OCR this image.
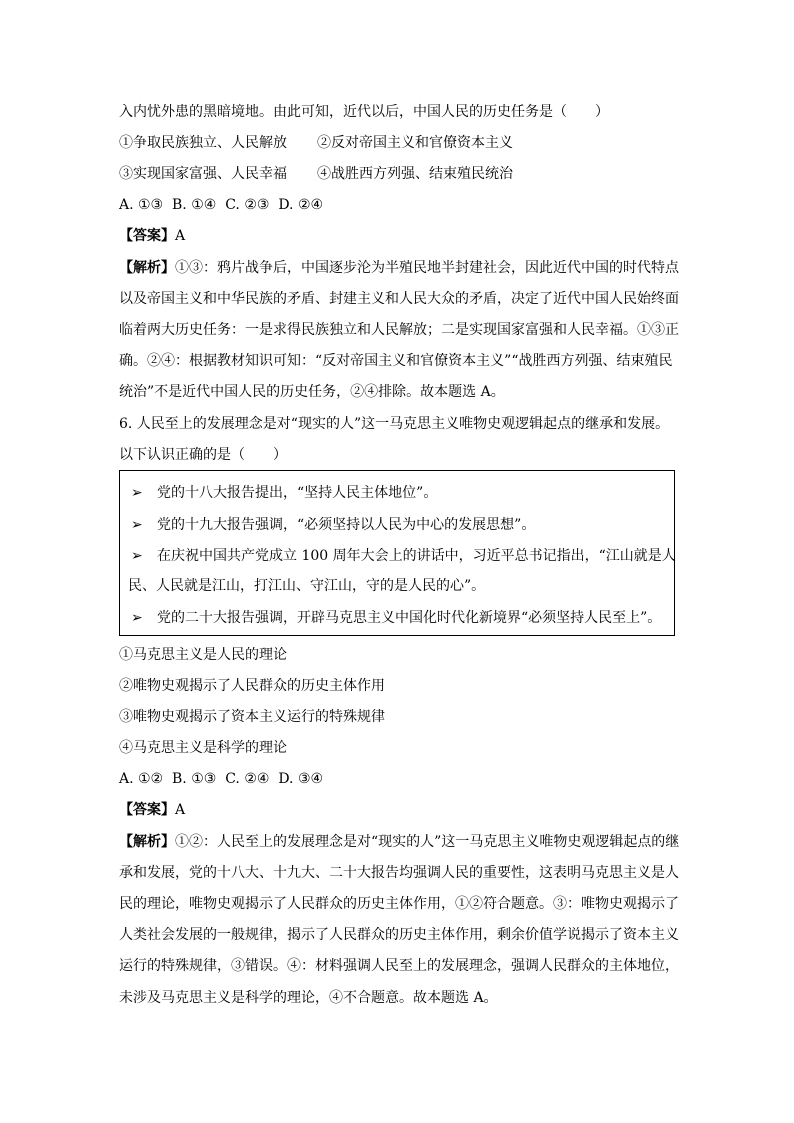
入内忧外患的黑暗境地。由此可知，近代以后，中国人民的历史任务是（　　）
①争取民族独立、人民解放 ②反对帝国主义和官僚资本主义
③实现国家富强、人民幸福 ④战胜西方列强、结束殖民统治
A. ①③  B. ①④  C. ②③  D. ②④
【答案】A
【解析】①③：鸦片战争后，中国逐步沦为半殖民地半封建社会，因此近代中国的时代特点
以及帝国主义和中华民族的矛盾、封建主义和人民大众的矛盾，决定了近代中国人民始终面
临着两大历史任务：一是求得民族独立和人民解放；二是实现国家富强和人民幸福。①③正
确。②④：根据教材知识可知：“反对帝国主义和官僚资本主义”“战胜西方列强、结束殖民
统治”不是近代中国人民的历史任务，②④排除。故本题选 A。
6. 人民至上的发展理念是对“现实的人”这一马克思主义唯物史观逻辑起点的继承和发展。
以下认识正确的是（　　）
➢ 党的十八大报告提出，“坚持人民主体地位”。
➢ 党的十九大报告强调，“必须坚持以人民为中心的发展思想”。
➢ 在庆祝中国共产党成立 100 周年大会上的讲话中，习近平总书记指出，“江山就是人
民、人民就是江山，打江山、守江山，守的是人民的心”。
➢ 党的二十大报告强调，开辟马克思主义中国化时代化新境界“必须坚持人民至上”。
①马克思主义是人民的理论
②唯物史观揭示了人民群众的历史主体作用
③唯物史观揭示了资本主义运行的特殊规律
④马克思主义是科学的理论
A. ①②  B. ①③  C. ②④  D. ③④
【答案】A
【解析】①②：人民至上的发展理念是对“现实的人”这一马克思主义唯物史观逻辑起点的继
承和发展，党的十八大、十九大、二十大报告均强调人民的重要性，这表明马克思主义是人
民的理论，唯物史观揭示了人民群众的历史主体作用，①②符合题意。③：唯物史观揭示了
人类社会发展的一般规律，揭示了人民群众的历史主体作用，剩余价值学说揭示了资本主义
运行的特殊规律，③错误。④：材料强调人民至上的发展理念，强调人民群众的主体地位，
未涉及马克思主义是科学的理论，④不合题意。故本题选 A。
